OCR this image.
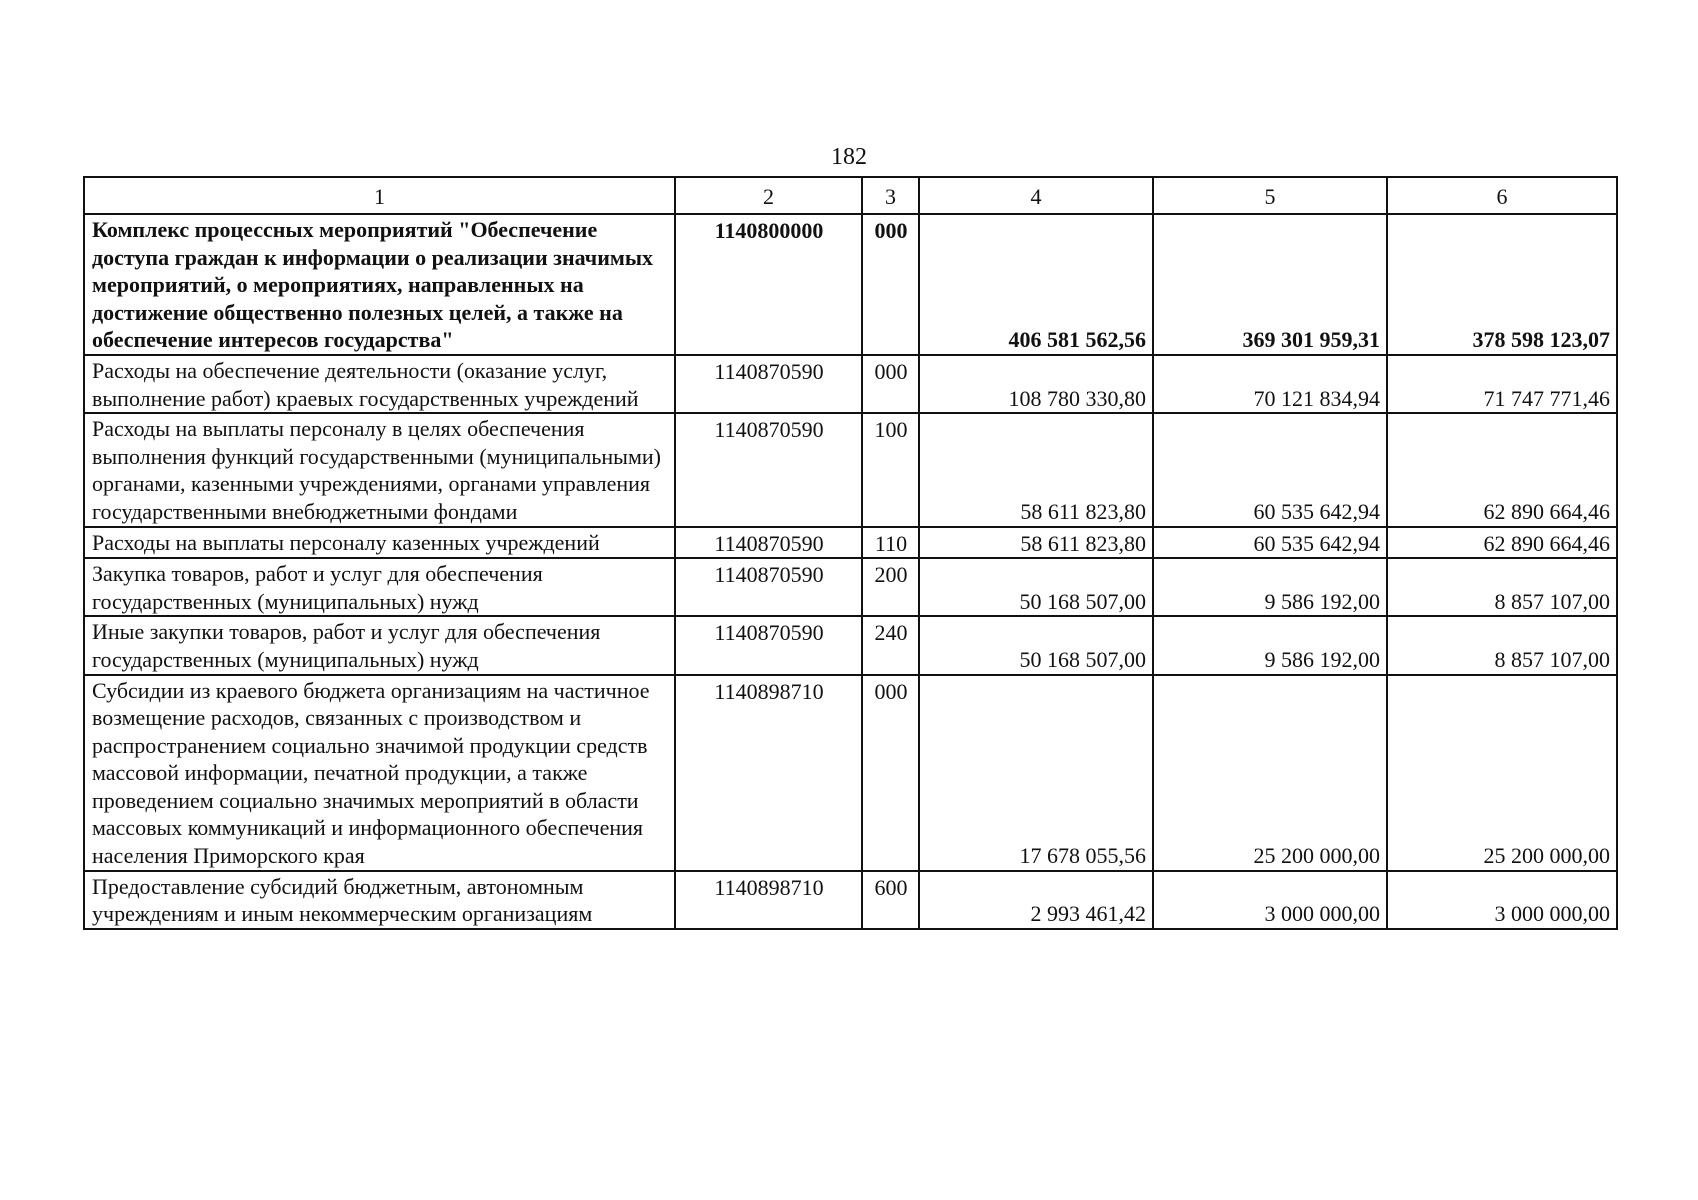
182
1	2	3	4	5	6
Комплекс процессных мероприятий "Обеспечение доступа граждан к информации о реализации значимых мероприятий, о мероприятиях, направленных на достижение общественно полезных целей, а также на обеспечение интересов государства"	1140800000	000	406 581 562,56	369 301 959,31	378 598 123,07
Расходы на обеспечение деятельности (оказание услуг, выполнение работ) краевых государственных учреждений	1140870590	000	108 780 330,80	70 121 834,94	71 747 771,46
Расходы на выплаты персоналу в целях обеспечения выполнения функций государственными (муниципальными) органами, казенными учреждениями, органами управления государственными внебюджетными фондами	1140870590	100	58 611 823,80	60 535 642,94	62 890 664,46
Расходы на выплаты персоналу казенных учреждений	1140870590	110	58 611 823,80	60 535 642,94	62 890 664,46
Закупка товаров, работ и услуг для обеспечения государственных (муниципальных) нужд	1140870590	200	50 168 507,00	9 586 192,00	8 857 107,00
Иные закупки товаров, работ и услуг для обеспечения государственных (муниципальных) нужд	1140870590	240	50 168 507,00	9 586 192,00	8 857 107,00
Субсидии из краевого бюджета организациям на частичное возмещение расходов, связанных с производством и распространением социально значимой продукции средств массовой информации, печатной продукции, а также проведением социально значимых мероприятий в области массовых коммуникаций и информационного обеспечения населения Приморского края	1140898710	000	17 678 055,56	25 200 000,00	25 200 000,00
Предоставление субсидий бюджетным, автономным учреждениям и иным некоммерческим организациям	1140898710	600	2 993 461,42	3 000 000,00	3 000 000,00
